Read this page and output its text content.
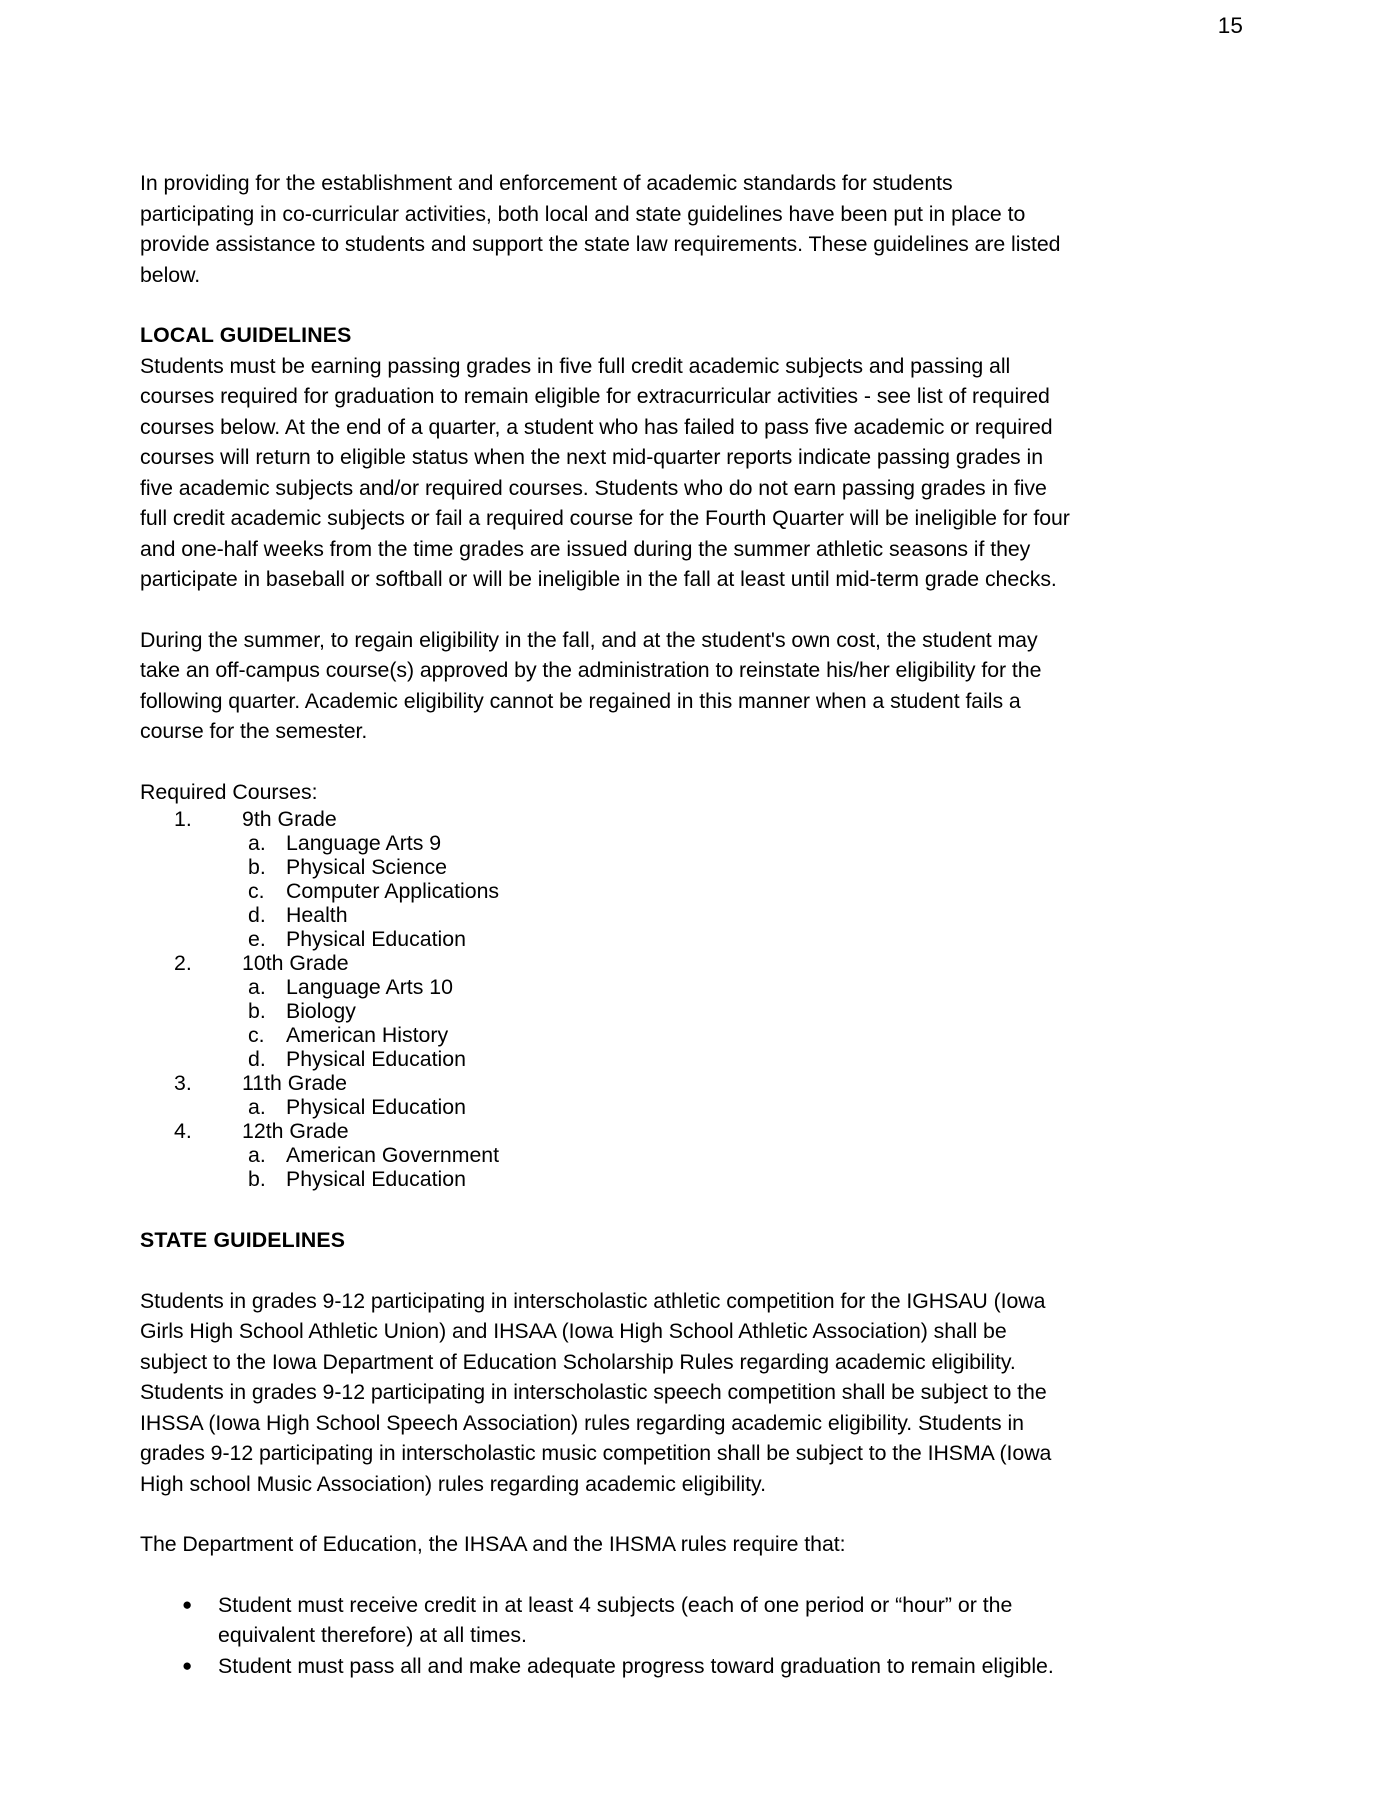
15

In providing for the establishment and enforcement of academic standards for students participating in co-curricular activities, both local and state guidelines have been put in place to provide assistance to students and support the state law requirements. These guidelines are listed below.

LOCAL GUIDELINES

Students must be earning passing grades in five full credit academic subjects and passing all courses required for graduation to remain eligible for extracurricular activities - see list of required courses below. At the end of a quarter, a student who has failed to pass five academic or required courses will return to eligible status when the next mid-quarter reports indicate passing grades in five academic subjects and/or required courses. Students who do not earn passing grades in five full credit academic subjects or fail a required course for the Fourth Quarter will be ineligible for four and one-half weeks from the time grades are issued during the summer athletic seasons if they participate in baseball or softball or will be ineligible in the fall at least until mid-term grade checks.

During the summer, to regain eligibility in the fall, and at the student's own cost, the student may take an off-campus course(s) approved by the administration to reinstate his/her eligibility for the following quarter. Academic eligibility cannot be regained in this manner when a student fails a course for the semester.

Required Courses:
1.	9th Grade
a. Language Arts 9
b. Physical Science
c.	Computer Applications
d. Health
e. Physical Education
2.	10th Grade
a. Language Arts 10
b. Biology
c.	American History
d. Physical Education
3.	11th Grade
a. Physical Education
4.	12th Grade
a. American Government
b. Physical Education
STATE GUIDELINES

Students in grades 9-12 participating in interscholastic athletic competition for the IGHSAU (Iowa Girls High School Athletic Union) and IHSAA (Iowa High School Athletic Association) shall be subject to the Iowa Department of Education Scholarship Rules regarding academic eligibility. Students in grades 9-12 participating in interscholastic speech competition shall be subject to the IHSSA (Iowa High School Speech Association) rules regarding academic eligibility. Students in grades 9-12 participating in interscholastic music competition shall be subject to the IHSMA (Iowa High school Music Association) rules regarding academic eligibility.

The Department of Education, the IHSAA and the IHSMA rules require that:

● Student must receive credit in at least 4 subjects (each of one period or “hour” or the equivalent therefore) at all times.
● Student must pass all and make adequate progress toward graduation to remain eligible.
